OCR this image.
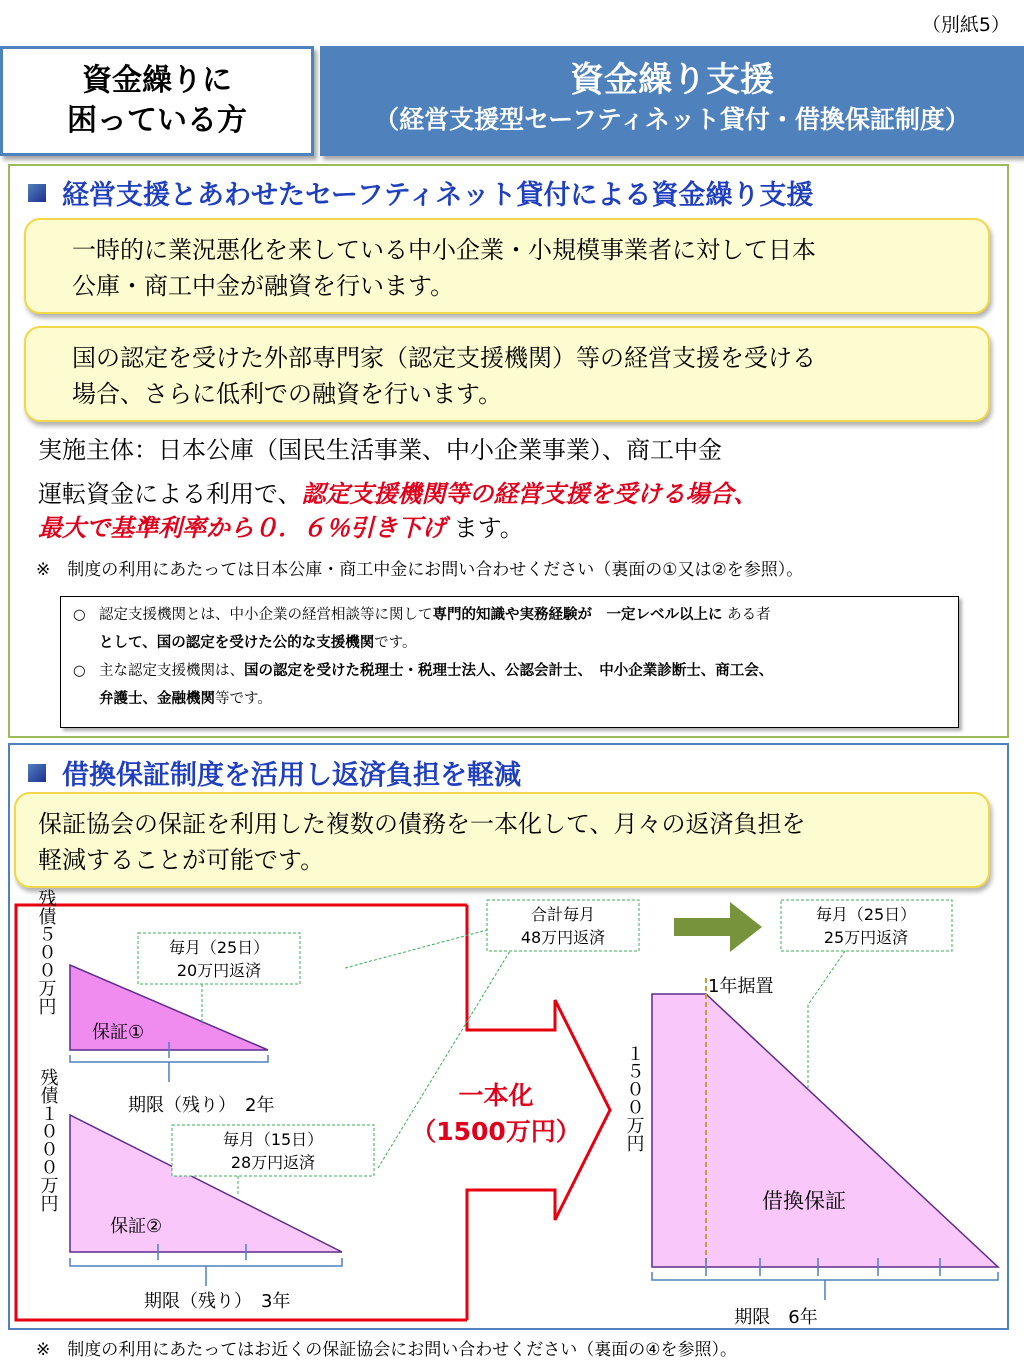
（別紙5）
資金繰りに
困っている方
資金繰り支援
（経営支援型セーフティネット貸付・借換保証制度）
経営支援とあわせたセーフティネット貸付による資金繰り支援
一時的に業況悪化を来している中小企業・小規模事業者に対して日本
公庫・商工中金が融資を行います。
国の認定を受けた外部専門家（認定支援機関）等の経営支援を受ける
場合、さらに低利での融資を行います。
実施主体：日本公庫（国民生活事業、中小企業事業）、商工中金
運転資金による利用で、認定支援機関等の経営支援を受ける場合、
最大で基準利率から０．６％引き下げ ます。
※　制度の利用にあたっては日本公庫・商工中金にお問い合わせください（裏面の①又は②を参照）。
○ 認定支援機関とは、中小企業の経営相談等に関して専門的知識や実務経験が　一定レベル以上に ある者
として、国の認定を受けた公的な支援機関です。
○ 主な認定支援機関は、国の認定を受けた税理士・税理士法人、公認会計士、　中小企業診断士、商工会、
弁護士、金融機関等です。
借換保証制度を活用し返済負担を軽減
保証協会の保証を利用した複数の債務を一本化して、月々の返済負担を
軽減することが可能です。
毎月（25日）
20万円返済
毎月（15日）
28万円返済
合計毎月
48万円返済
毎月（25日）
25万円返済
保証①
保証②
期限（残り）　2年
期限（残り）　3年
一本化
（1500万円）
1年据置
借換保証
期限　6年
残債５００万円
残債１０００万円	１５００万円
※　制度の利用にあたってはお近くの保証協会にお問い合わせください（裏面の④を参照）。
